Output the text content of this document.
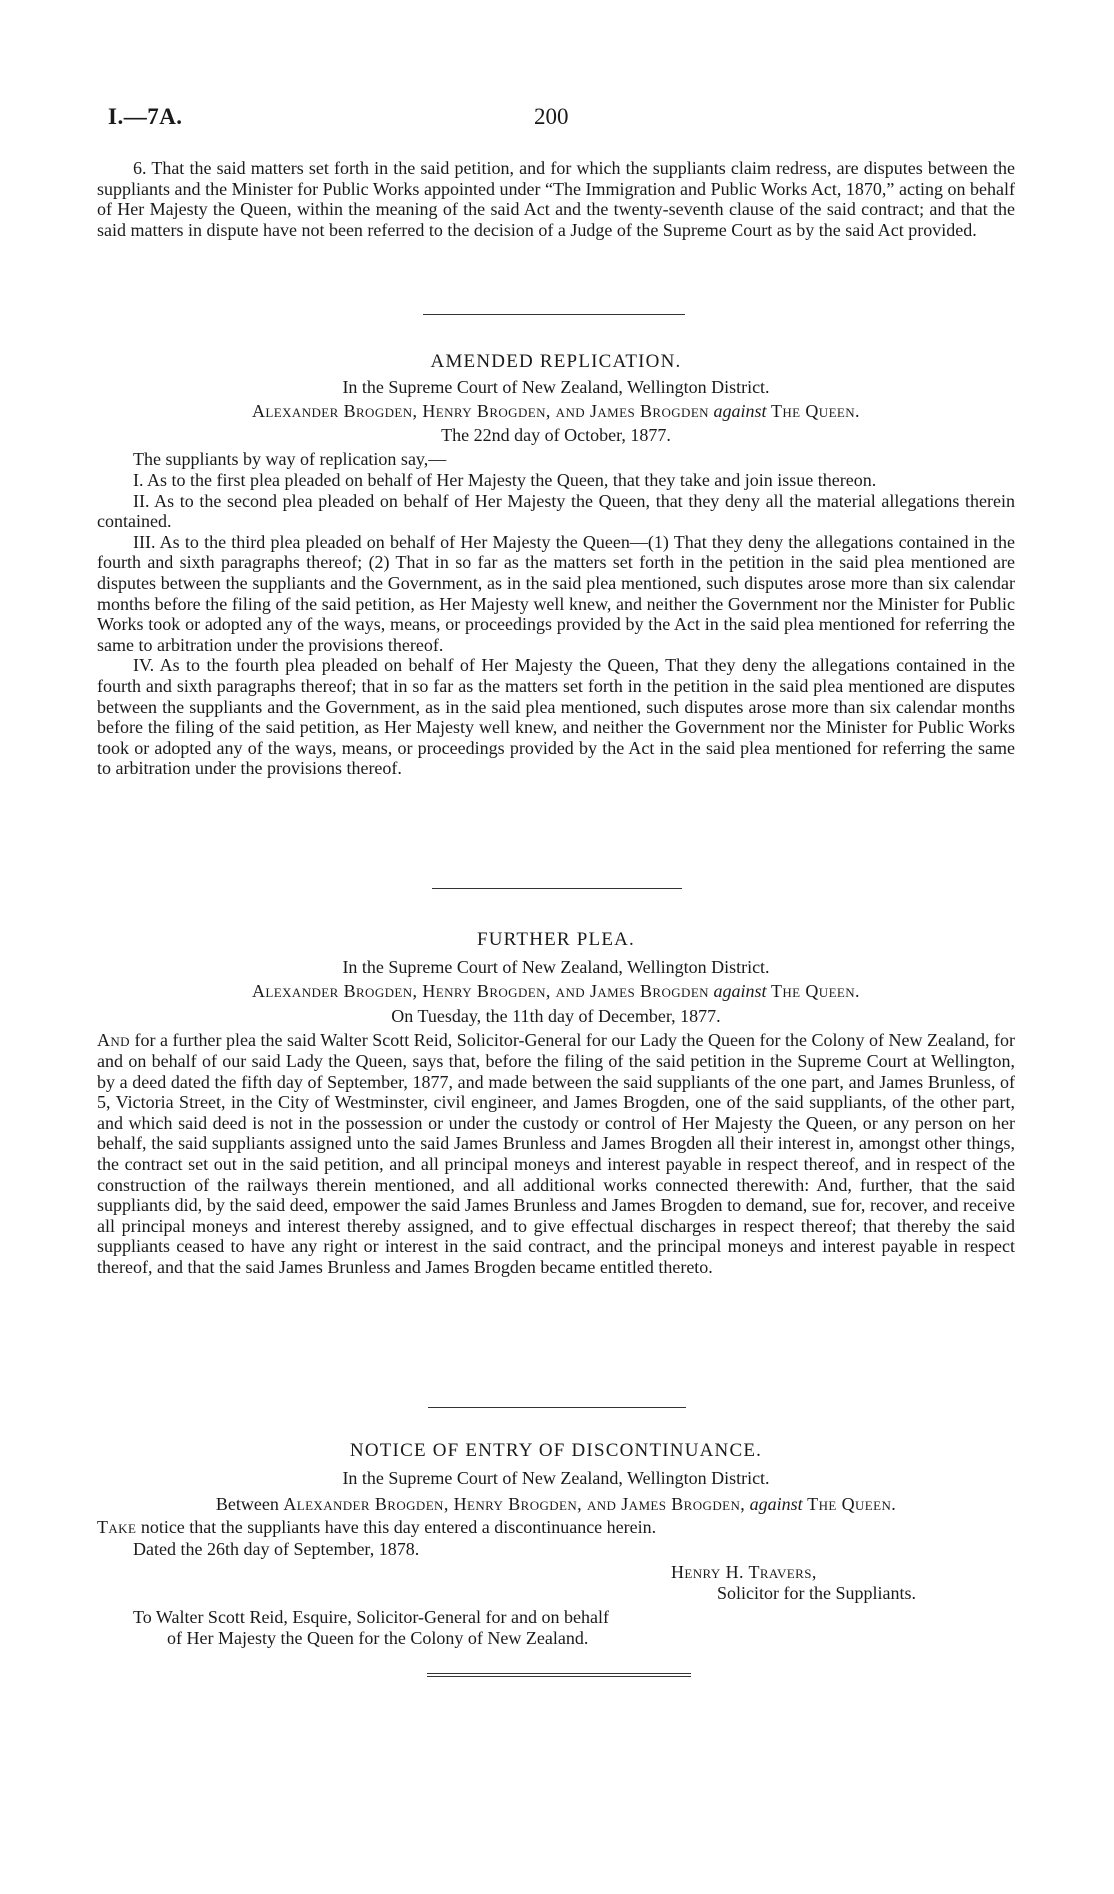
I.—7A.	200
6. That the said matters set forth in the said petition, and for which the suppliants claim redress, are disputes between the suppliants and the Minister for Public Works appointed under “The Immigration and Public Works Act, 1870,” acting on behalf of Her Majesty the Queen, within the meaning of the said Act and the twenty-seventh clause of the said contract; and that the said matters in dispute have not been referred to the decision of a Judge of the Supreme Court as by the said Act provided.

AMENDED REPLICATION.

In the Supreme Court of New Zealand, Wellington District.

Alexander Brogden, Henry Brogden, and James Brogden against The Queen.

The 22nd day of October, 1877.

The suppliants by way of replication say,—

I. As to the first plea pleaded on behalf of Her Majesty the Queen, that they take and join issue thereon.

II. As to the second plea pleaded on behalf of Her Majesty the Queen, that they deny all the material allegations therein contained.

III. As to the third plea pleaded on behalf of Her Majesty the Queen—(1) That they deny the allegations contained in the fourth and sixth paragraphs thereof; (2) That in so far as the matters set forth in the petition in the said plea mentioned are disputes between the suppliants and the Government, as in the said plea mentioned, such disputes arose more than six calendar months before the filing of the said petition, as Her Majesty well knew, and neither the Government nor the Minister for Public Works took or adopted any of the ways, means, or proceedings provided by the Act in the said plea mentioned for referring the same to arbitration under the provisions thereof.

IV. As to the fourth plea pleaded on behalf of Her Majesty the Queen, That they deny the allegations contained in the fourth and sixth paragraphs thereof; that in so far as the matters set forth in the petition in the said plea mentioned are disputes between the suppliants and the Government, as in the said plea mentioned, such disputes arose more than six calendar months before the filing of the said petition, as Her Majesty well knew, and neither the Government nor the Minister for Public Works took or adopted any of the ways, means, or proceedings provided by the Act in the said plea mentioned for referring the same to arbitration under the provisions thereof.

FURTHER PLEA.

In the Supreme Court of New Zealand, Wellington District.

Alexander Brogden, Henry Brogden, and James Brogden against The Queen.

On Tuesday, the 11th day of December, 1877.

And for a further plea the said Walter Scott Reid, Solicitor-General for our Lady the Queen for the Colony of New Zealand, for and on behalf of our said Lady the Queen, says that, before the filing of the said petition in the Supreme Court at Wellington, by a deed dated the fifth day of September, 1877, and made between the said suppliants of the one part, and James Brunless, of 5, Victoria Street, in the City of Westminster, civil engineer, and James Brogden, one of the said suppliants, of the other part, and which said deed is not in the possession or under the custody or control of Her Majesty the Queen, or any person on her behalf, the said suppliants assigned unto the said James Brunless and James Brogden all their interest in, amongst other things, the contract set out in the said petition, and all principal moneys and interest payable in respect thereof, and in respect of the construction of the railways therein mentioned, and all additional works connected therewith: And, further, that the said suppliants did, by the said deed, empower the said James Brunless and James Brogden to demand, sue for, recover, and receive all principal moneys and interest thereby assigned, and to give effectual discharges in respect thereof; that thereby the said suppliants ceased to have any right or interest in the said contract, and the principal moneys and interest payable in respect thereof, and that the said James Brunless and James Brogden became entitled thereto.

NOTICE OF ENTRY OF DISCONTINUANCE.

In the Supreme Court of New Zealand, Wellington District.

Between Alexander Brogden, Henry Brogden, and James Brogden, against The Queen.

Take notice that the suppliants have this day entered a discontinuance herein.

Dated the 26th day of September, 1878.

Henry H. Travers,

Solicitor for the Suppliants.

To Walter Scott Reid, Esquire, Solicitor-General for and on behalf

of Her Majesty the Queen for the Colony of New Zealand.
